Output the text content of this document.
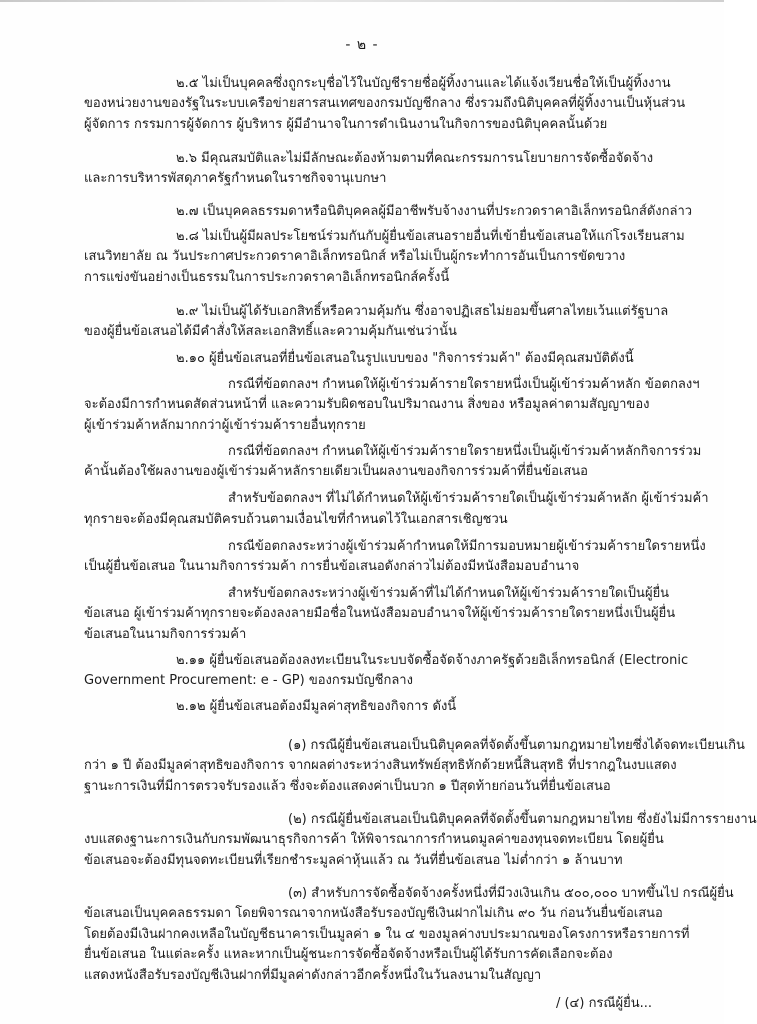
- ๒ -
๒.๕ ไม่เป็นบุคคลซึ่งถูกระบุชื่อไว้ในบัญชีรายชื่อผู้ทิ้งงานและได้แจ้งเวียนชื่อให้เป็นผู้ทิ้งงาน
ของหน่วยงานของรัฐในระบบเครือข่ายสารสนเทศของกรมบัญชีกลาง ซึ่งรวมถึงนิติบุคคลที่ผู้ทิ้งงานเป็นหุ้นส่วน
ผู้จัดการ กรรมการผู้จัดการ ผู้บริหาร ผู้มีอำนาจในการดำเนินงานในกิจการของนิติบุคคลนั้นด้วย
๒.๖ มีคุณสมบัติและไม่มีลักษณะต้องห้ามตามที่คณะกรรมการนโยบายการจัดซื้อจัดจ้าง
และการบริหารพัสดุภาครัฐกำหนดในราชกิจจานุเบกษา
๒.๗ เป็นบุคคลธรรมดาหรือนิติบุคคลผู้มีอาชีพรับจ้างงานที่ประกวดราคาอิเล็กทรอนิกส์ดังกล่าว
๒.๘ ไม่เป็นผู้มีผลประโยชน์ร่วมกันกับผู้ยื่นข้อเสนอรายอื่นที่เข้ายื่นข้อเสนอให้แก่โรงเรียนสาม
เสนวิทยาลัย ณ วันประกาศประกวดราคาอิเล็กทรอนิกส์ หรือไม่เป็นผู้กระทำการอันเป็นการขัดขวาง
การแข่งขันอย่างเป็นธรรมในการประกวดราคาอิเล็กทรอนิกส์ครั้งนี้
๒.๙ ไม่เป็นผู้ได้รับเอกสิทธิ์หรือความคุ้มกัน ซึ่งอาจปฏิเสธไม่ยอมขึ้นศาลไทยเว้นแต่รัฐบาล
ของผู้ยื่นข้อเสนอได้มีคำสั่งให้สละเอกสิทธิ์และความคุ้มกันเช่นว่านั้น
๒.๑๐ ผู้ยื่นข้อเสนอที่ยื่นข้อเสนอในรูปแบบของ "กิจการร่วมค้า" ต้องมีคุณสมบัติดังนี้
กรณีที่ข้อตกลงฯ กำหนดให้ผู้เข้าร่วมค้ารายใดรายหนึ่งเป็นผู้เข้าร่วมค้าหลัก ข้อตกลงฯ
จะต้องมีการกำหนดสัดส่วนหน้าที่ และความรับผิดชอบในปริมาณงาน สิ่งของ หรือมูลค่าตามสัญญาของ
ผู้เข้าร่วมค้าหลักมากกว่าผู้เข้าร่วมค้ารายอื่นทุกราย
กรณีที่ข้อตกลงฯ กำหนดให้ผู้เข้าร่วมค้ารายใดรายหนึ่งเป็นผู้เข้าร่วมค้าหลักกิจการร่วม
ค้านั้นต้องใช้ผลงานของผู้เข้าร่วมค้าหลักรายเดียวเป็นผลงานของกิจการร่วมค้าที่ยื่นข้อเสนอ
สำหรับข้อตกลงฯ ที่ไม่ได้กำหนดให้ผู้เข้าร่วมค้ารายใดเป็นผู้เข้าร่วมค้าหลัก ผู้เข้าร่วมค้า
ทุกรายจะต้องมีคุณสมบัติครบถ้วนตามเงื่อนไขที่กำหนดไว้ในเอกสารเชิญชวน
กรณีข้อตกลงระหว่างผู้เข้าร่วมค้ากำหนดให้มีการมอบหมายผู้เข้าร่วมค้ารายใดรายหนึ่ง
เป็นผู้ยื่นข้อเสนอ ในนามกิจการร่วมค้า การยื่นข้อเสนอดังกล่าวไม่ต้องมีหนังสือมอบอำนาจ
สำหรับข้อตกลงระหว่างผู้เข้าร่วมค้าที่ไม่ได้กำหนดให้ผู้เข้าร่วมค้ารายใดเป็นผู้ยื่น
ข้อเสนอ ผู้เข้าร่วมค้าทุกรายจะต้องลงลายมือชื่อในหนังสือมอบอำนาจให้ผู้เข้าร่วมค้ารายใดรายหนึ่งเป็นผู้ยื่น
ข้อเสนอในนามกิจการร่วมค้า
๒.๑๑ ผู้ยื่นข้อเสนอต้องลงทะเบียนในระบบจัดซื้อจัดจ้างภาครัฐด้วยอิเล็กทรอนิกส์ (Electronic
Government Procurement: e - GP) ของกรมบัญชีกลาง
๒.๑๒ ผู้ยื่นข้อเสนอต้องมีมูลค่าสุทธิของกิจการ ดังนี้
(๑) กรณีผู้ยื่นข้อเสนอเป็นนิติบุคคลที่จัดตั้งขึ้นตามกฎหมายไทยซึ่งได้จดทะเบียนเกิน
กว่า ๑ ปี ต้องมีมูลค่าสุทธิของกิจการ จากผลต่างระหว่างสินทรัพย์สุทธิหักด้วยหนี้สินสุทธิ ที่ปรากฎในงบแสดง
ฐานะการเงินที่มีการตรวจรับรองแล้ว ซึ่งจะต้องแสดงค่าเป็นบวก ๑ ปีสุดท้ายก่อนวันที่ยื่นข้อเสนอ
(๒) กรณีผู้ยื่นข้อเสนอเป็นนิติบุคคลที่จัดตั้งขึ้นตามกฎหมายไทย ซึ่งยังไม่มีการรายงาน
งบแสดงฐานะการเงินกับกรมพัฒนาธุรกิจการค้า ให้พิจารณาการกำหนดมูลค่าของทุนจดทะเบียน โดยผู้ยื่น
ข้อเสนอจะต้องมีทุนจดทะเบียนที่เรียกชำระมูลค่าหุ้นแล้ว ณ วันที่ยื่นข้อเสนอ ไม่ต่ำกว่า ๑ ล้านบาท
(๓) สำหรับการจัดซื้อจัดจ้างครั้งหนึ่งที่มีวงเงินเกิน ๕๐๐,๐๐๐ บาทขึ้นไป กรณีผู้ยื่น
ข้อเสนอเป็นบุคคลธรรมดา โดยพิจารณาจากหนังสือรับรองบัญชีเงินฝากไม่เกิน ๙๐ วัน ก่อนวันยื่นข้อเสนอ
โดยต้องมีเงินฝากคงเหลือในบัญชีธนาคารเป็นมูลค่า ๑ ใน ๔ ของมูลค่างบประมาณของโครงการหรือรายการที่
ยื่นข้อเสนอ ในแต่ละครั้ง แหละหากเป็นผู้ชนะการจัดซื้อจัดจ้างหรือเป็นผู้ได้รับการคัดเลือกจะต้อง
แสดงหนังสือรับรองบัญชีเงินฝากที่มีมูลค่าดังกล่าวอีกครั้งหนึ่งในวันลงนามในสัญญา
/ (๔) กรณีผู้ยื่น...
